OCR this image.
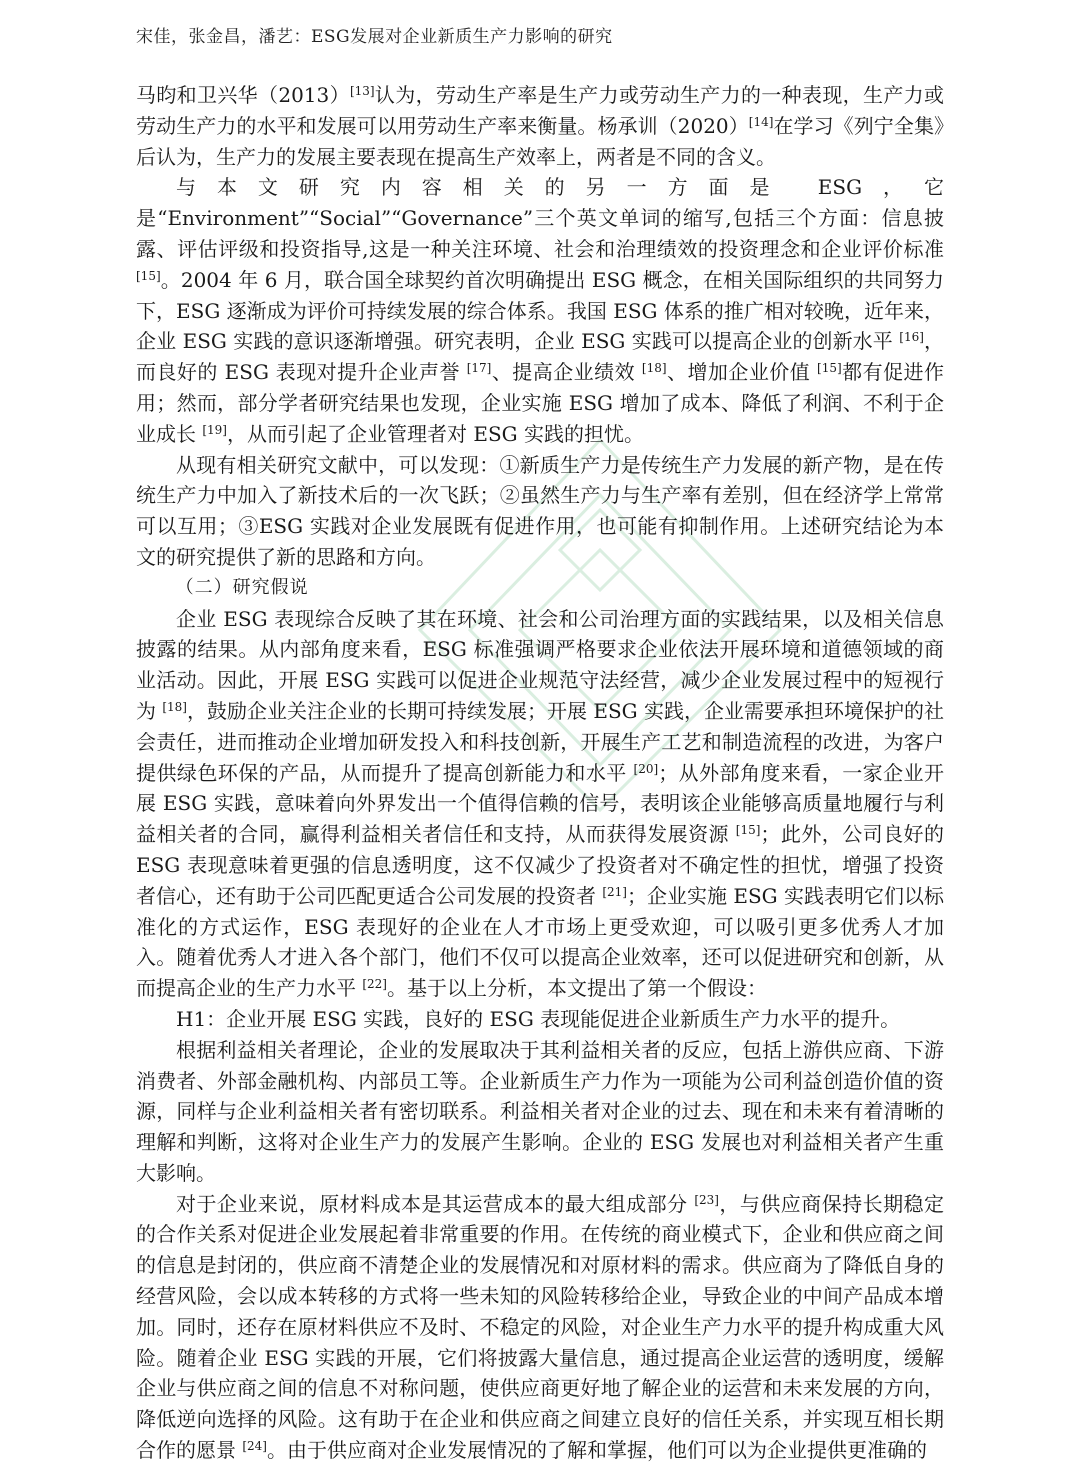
宋佳，张金昌，潘艺：ESG发展对企业新质生产力影响的研究

马昀和卫兴华（2013）[13]认为，劳动生产率是生产力或劳动生产力的一种表现，生产力或劳动生产力的水平和发展可以用劳动生产率来衡量。杨承训（2020）[14]在学习《列宁全集》后认为，生产力的发展主要表现在提高生产效率上，两者是不同的含义。

与本文研究内容相关的另一方面是 ESG，它是“Environment”“Social”“Governance”三个英文单词的缩写,包括三个方面：信息披露、评估评级和投资指导,这是一种关注环境、社会和治理绩效的投资理念和企业评价标准 [15]。2004 年 6 月，联合国全球契约首次明确提出 ESG 概念，在相关国际组织的共同努力下，ESG 逐渐成为评价可持续发展的综合体系。我国 ESG 体系的推广相对较晚，近年来，企业 ESG 实践的意识逐渐增强。研究表明，企业 ESG 实践可以提高企业的创新水平 [16]，而良好的 ESG 表现对提升企业声誉 [17]、提高企业绩效 [18]、增加企业价值 [15]都有促进作用；然而，部分学者研究结果也发现，企业实施 ESG 增加了成本、降低了利润、不利于企业成长 [19]，从而引起了企业管理者对 ESG 实践的担忧。

从现有相关研究文献中，可以发现：①新质生产力是传统生产力发展的新产物，是在传统生产力中加入了新技术后的一次飞跃；②虽然生产力与生产率有差别，但在经济学上常常可以互用；③ESG 实践对企业发展既有促进作用，也可能有抑制作用。上述研究结论为本文的研究提供了新的思路和方向。

（二）研究假说

企业 ESG 表现综合反映了其在环境、社会和公司治理方面的实践结果，以及相关信息披露的结果。从内部角度来看，ESG 标准强调严格要求企业依法开展环境和道德领域的商业活动。因此，开展 ESG 实践可以促进企业规范守法经营，减少企业发展过程中的短视行为 [18]，鼓励企业关注企业的长期可持续发展；开展 ESG 实践，企业需要承担环境保护的社会责任，进而推动企业增加研发投入和科技创新，开展生产工艺和制造流程的改进，为客户提供绿色环保的产品，从而提升了提高创新能力和水平 [20]；从外部角度来看，一家企业开展 ESG 实践，意味着向外界发出一个值得信赖的信号，表明该企业能够高质量地履行与利益相关者的合同，赢得利益相关者信任和支持，从而获得发展资源 [15]；此外，公司良好的 ESG 表现意味着更强的信息透明度，这不仅减少了投资者对不确定性的担忧，增强了投资者信心，还有助于公司匹配更适合公司发展的投资者 [21]；企业实施 ESG 实践表明它们以标准化的方式运作，ESG 表现好的企业在人才市场上更受欢迎，可以吸引更多优秀人才加入。随着优秀人才进入各个部门，他们不仅可以提高企业效率，还可以促进研究和创新，从而提高企业的生产力水平 [22]。基于以上分析，本文提出了第一个假设：

H1：企业开展 ESG 实践，良好的 ESG 表现能促进企业新质生产力水平的提升。

根据利益相关者理论，企业的发展取决于其利益相关者的反应，包括上游供应商、下游消费者、外部金融机构、内部员工等。企业新质生产力作为一项能为公司利益创造价值的资源，同样与企业利益相关者有密切联系。利益相关者对企业的过去、现在和未来有着清晰的理解和判断，这将对企业生产力的发展产生影响。企业的 ESG 发展也对利益相关者产生重大影响。

对于企业来说，原材料成本是其运营成本的最大组成部分 [23]，与供应商保持长期稳定的合作关系对促进企业发展起着非常重要的作用。在传统的商业模式下，企业和供应商之间的信息是封闭的，供应商不清楚企业的发展情况和对原材料的需求。供应商为了降低自身的经营风险，会以成本转移的方式将一些未知的风险转移给企业，导致企业的中间产品成本增加。同时，还存在原材料供应不及时、不稳定的风险，对企业生产力水平的提升构成重大风险。随着企业 ESG 实践的开展，它们将披露大量信息，通过提高企业运营的透明度，缓解企业与供应商之间的信息不对称问题，使供应商更好地了解企业的运营和未来发展的方向，降低逆向选择的风险。这有助于在企业和供应商之间建立良好的信任关系，并实现互相长期合作的愿景 [24]。由于供应商对企业发展情况的了解和掌握，他们可以为企业提供更准确的
